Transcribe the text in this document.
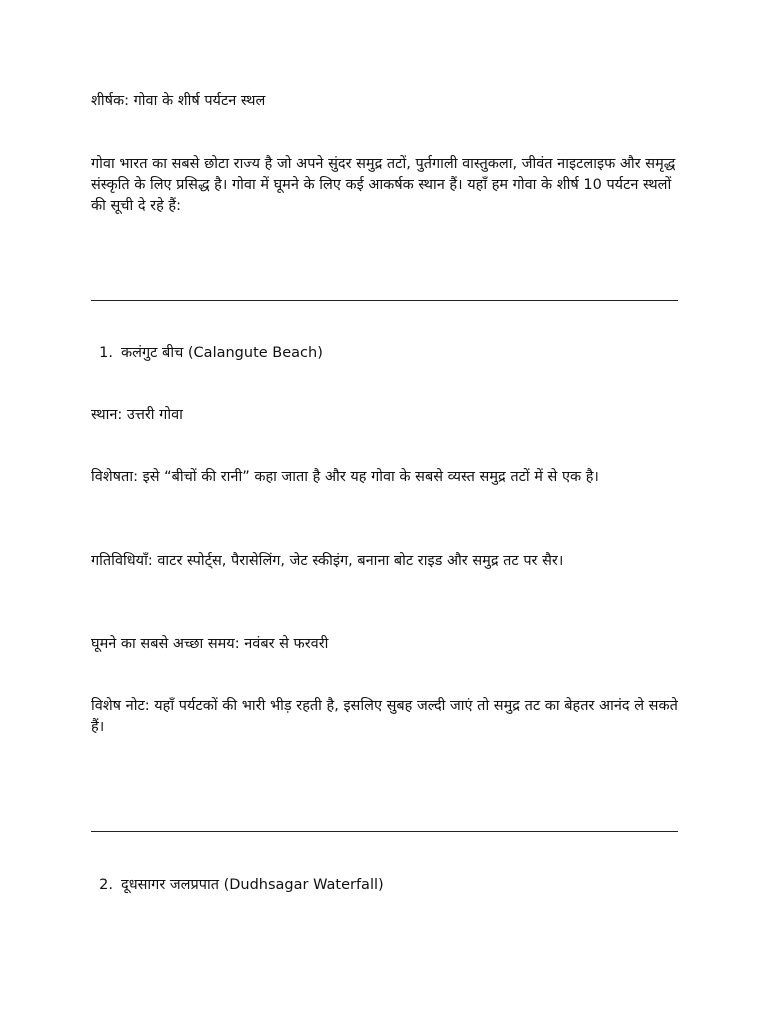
शीर्षक: गोवा के शीर्ष पर्यटन स्थल

गोवा भारत का सबसे छोटा राज्य है जो अपने सुंदर समुद्र तटों, पुर्तगाली वास्तुकला, जीवंत नाइटलाइफ और समृद्ध संस्कृति के लिए प्रसिद्ध है। गोवा में घूमने के लिए कई आकर्षक स्थान हैं। यहाँ हम गोवा के शीर्ष 10 पर्यटन स्थलों की सूची दे रहे हैं:

1. कलंगुट बीच (Calangute Beach)

स्थान: उत्तरी गोवा

विशेषता: इसे “बीचों की रानी” कहा जाता है और यह गोवा के सबसे व्यस्त समुद्र तटों में से एक है।

गतिविधियाँ: वाटर स्पोर्ट्स, पैरासेलिंग, जेट स्कीइंग, बनाना बोट राइड और समुद्र तट पर सैर।

घूमने का सबसे अच्छा समय: नवंबर से फरवरी

विशेष नोट: यहाँ पर्यटकों की भारी भीड़ रहती है, इसलिए सुबह जल्दी जाएं तो समुद्र तट का बेहतर आनंद ले सकते हैं।

2. दूधसागर जलप्रपात (Dudhsagar Waterfall)
